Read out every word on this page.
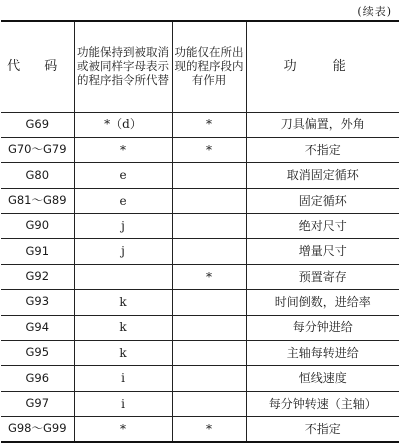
(续表)
代 码	功能保持到被取消或被同样字母表示的程序指令所代替	功能仅在所出现的程序段内有作用	功 能
G69	*（d）	*	刀具偏置，外角
G70～G79	*	*	不指定
G80	e		取消固定循环
G81～G89	e		固定循环
G90	j		绝对尺寸
G91	j		增量尺寸
G92		*	预置寄存
G93	k		时间倒数，进给率
G94	k		每分钟进给
G95	k		主轴每转进给
G96	i		恒线速度
G97	i		每分钟转速（主轴）
G98～G99	*	*	不指定
